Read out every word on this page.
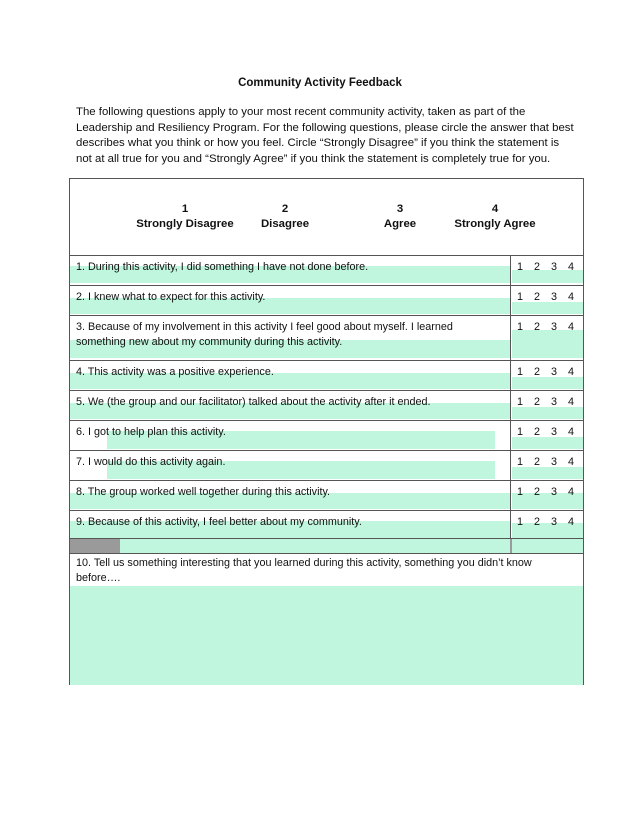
Community Activity Feedback
The following questions apply to your most recent community activity, taken as part of the Leadership and Resiliency Program. For the following questions, please circle the answer that best describes what you think or how you feel. Circle “Strongly Disagree” if you think the statement is not at all true for you and “Strongly Agree” if you think the statement is completely true for you.
1
Strongly Disagree
2
Disagree
3
Agree
4
Strongly Agree
1. During this activity, I did something I have not done before.	1 2 3 4
2. I knew what to expect for this activity.	1 2 3 4
3. Because of my involvement in this activity I feel good about myself. I learned something new about my community during this activity.
1 2 3 4
4. This activity was a positive experience.	1 2 3 4
5. We (the group and our facilitator) talked about the activity after it ended.	1 2 3 4
6. I got to help plan this activity.	1 2 3 4
7. I would do this activity again.	1 2 3 4
8. The group worked well together during this activity.	1 2 3 4
9. Because of this activity, I feel better about my community.	1 2 3 4
10. Tell us something interesting that you learned during this activity, something you didn’t know before….
